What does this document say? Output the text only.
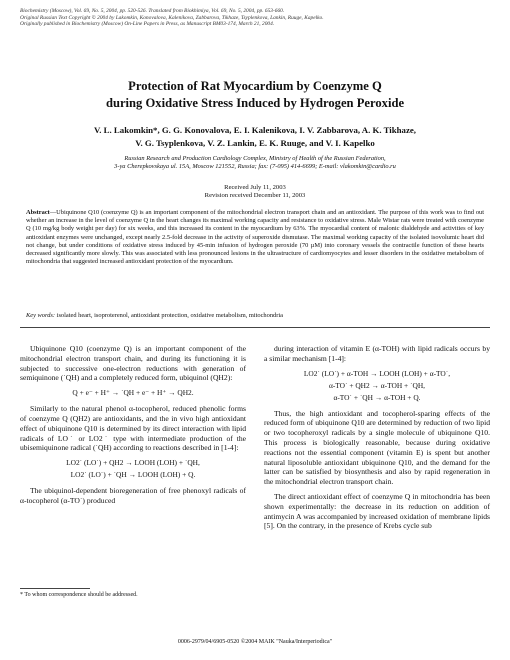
Biochemistry (Moscow), Vol. 69, No. 5, 2004, pp. 520-526. Translated from Biokhimiya, Vol. 69, No. 5, 2004, pp. 653-660.
Original Russian Text Copyright © 2004 by Lakomkin, Konovalova, Kalenikova, Zabbarova, Tikhaze, Tsyplenkova, Lankin, Ruuge, Kapelko.
Originally published in Biochemistry (Moscow) On-Line Papers in Press, as Manuscript BM03-174, March 21, 2004.
Protection of Rat Myocardium by Coenzyme Q
during Oxidative Stress Induced by Hydrogen Peroxide
V. L. Lakomkin*, G. G. Konovalova, E. I. Kalenikova, I. V. Zabbarova, A. K. Tikhaze,
V. G. Tsyplenkova, V. Z. Lankin, E. K. Ruuge, and V. I. Kapelko
Russian Research and Production Cardiology Complex, Ministry of Health of the Russian Federation,
3-ya Cherepkovskaya ul. 15A, Moscow 121552, Russia; fax: (7-095) 414-6699; E-mail: vlakomkin@cardio.ru
Received July 11, 2003
Revision received December 11, 2003
Abstract—Ubiquinone Q10 (coenzyme Q) is an important component of the mitochondrial electron transport chain and an antioxidant. The purpose of this work was to find out whether an increase in the level of coenzyme Q in the heart changes its maximal working capacity and resistance to oxidative stress. Male Wistar rats were treated with coenzyme Q (10 mg/kg body weight per day) for six weeks, and this increased its content in the myocardium by 63%. The myocardial content of malonic dialdehyde and activities of key antioxidant enzymes were unchanged, except nearly 2.5-fold decrease in the activity of superoxide dismutase. The maximal working capacity of the isolated isovolumic heart did not change, but under conditions of oxidative stress induced by 45-min infusion of hydrogen peroxide (70 µM) into coronary vessels the contractile function of these hearts decreased significantly more slowly. This was associated with less pronounced lesions in the ultrastructure of cardiomyocytes and lesser disorders in the oxidative metabolism of mitochondria that suggested increased antioxidant protection of the myocardium.
Key words: isolated heart, isoproterenol, antioxidant protection, oxidative metabolism, mitochondria

Ubiquinone Q10 (coenzyme Q) is an important component of the mitochondrial electron transport chain, and during its functioning it is subjected to successive one-electron reductions with generation of semiquinone (˙QH) and a completely reduced form, ubiquinol (QH2):

Q + e⁻ + H⁺ → ˙QH + e⁻ + H⁺ → QH2.

Similarly to the natural phenol α-tocopherol, reduced phenolic forms of coenzyme Q (QH2) are antioxidants, and the in vivo high antioxidant effect of ubiquinone Q10 is determined by its direct interaction with lipid radicals of LO˙ or LO2˙ type with intermediate production of the ubisemiquinone radical (˙QH) according to reactions described in [1-4]:

LO2˙ (LO˙) + QH2 → LOOH (LOH) + ˙QH,
LO2˙ (LO˙) + ˙QH → LOOH (LOH) + Q.

The ubiquinol-dependent bioregeneration of free phenoxyl radicals of α-tocopherol (α-TO˙) produced

during interaction of vitamin E (α-TOH) with lipid radicals occurs by a similar mechanism [1-4]:

LO2˙ (LO˙) + α-TOH → LOOH (LOH) + α-TO˙,
α-TO˙ + QH2 → α-TOH + ˙QH,
α-TO˙ + ˙QH → α-TOH + Q.

Thus, the high antioxidant and tocopherol-sparing effects of the reduced form of ubiquinone Q10 are determined by reduction of two lipid or two tocopheroxyl radicals by a single molecule of ubiquinone Q10. This process is biologically reasonable, because during oxidative reactions not the essential component (vitamin E) is spent but another natural liposoluble antioxidant ubiquinone Q10, and the demand for the latter can be satisfied by biosynthesis and also by rapid regeneration in the mitochondrial electron transport chain.

The direct antioxidant effect of coenzyme Q in mitochondria has been shown experimentally: the decrease in its reduction on addition of antimycin A was accompanied by increased oxidation of membrane lipids [5]. On the contrary, in the presence of Krebs cycle sub

* To whom correspondence should be addressed.
0006-2979/04/6905-0520 ©2004 MAIK "Nauka/Interperiodica"
